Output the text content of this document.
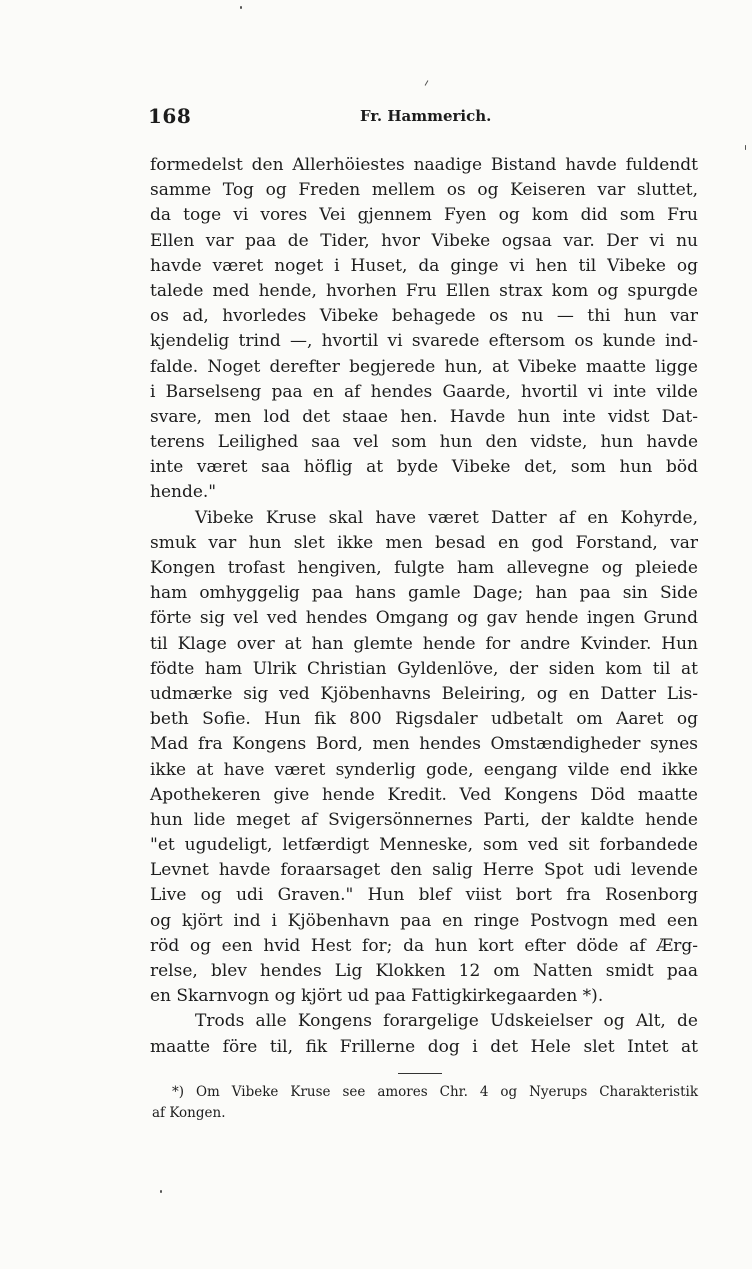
168	Fr. Hammerich.
formedelst den Allerhöiestes naadige Bistand havde fuldendt
samme Tog og Freden mellem os og Keiseren var sluttet,
da toge vi vores Vei gjennem Fyen og kom did som Fru
Ellen var paa de Tider, hvor Vibeke ogsaa var. Der vi nu
havde været noget i Huset, da ginge vi hen til Vibeke og
talede med hende, hvorhen Fru Ellen strax kom og spurgde
os ad, hvorledes Vibeke behagede os nu — thi hun var
kjendelig trind —, hvortil vi svarede eftersom os kunde ind-
falde. Noget derefter begjerede hun, at Vibeke maatte ligge
i Barselseng paa en af hendes Gaarde, hvortil vi inte vilde
svare, men lod det staae hen. Havde hun inte vidst Dat-
terens Leilighed saa vel som hun den vidste, hun havde
inte været saa höflig at byde Vibeke det, som hun böd
hende."
Vibeke Kruse skal have været Datter af en Kohyrde,
smuk var hun slet ikke men besad en god Forstand, var
Kongen trofast hengiven, fulgte ham allevegne og pleiede
ham omhyggelig paa hans gamle Dage; han paa sin Side
förte sig vel ved hendes Omgang og gav hende ingen Grund
til Klage over at han glemte hende for andre Kvinder. Hun
födte ham Ulrik Christian Gyldenlöve, der siden kom til at
udmærke sig ved Kjöbenhavns Beleiring, og en Datter Lis-
beth Sofie. Hun fik 800 Rigsdaler udbetalt om Aaret og
Mad fra Kongens Bord, men hendes Omstændigheder synes
ikke at have været synderlig gode, eengang vilde end ikke
Apothekeren give hende Kredit. Ved Kongens Död maatte
hun lide meget af Svigersönnernes Parti, der kaldte hende
"et ugudeligt, letfærdigt Menneske, som ved sit forbandede
Levnet havde foraarsaget den salig Herre Spot udi levende
Live og udi Graven." Hun blef viist bort fra Rosenborg
og kjört ind i Kjöbenhavn paa en ringe Postvogn med een
röd og een hvid Hest for; da hun kort efter döde af Ærg-
relse, blev hendes Lig Klokken 12 om Natten smidt paa
en Skarnvogn og kjört ud paa Fattigkirkegaarden *).
Trods alle Kongens forargelige Udskeielser og Alt, de
maatte före til, fik Frillerne dog i det Hele slet Intet at
*) Om Vibeke Kruse see amores Chr. 4 og Nyerups Charakteristik
af Kongen.
